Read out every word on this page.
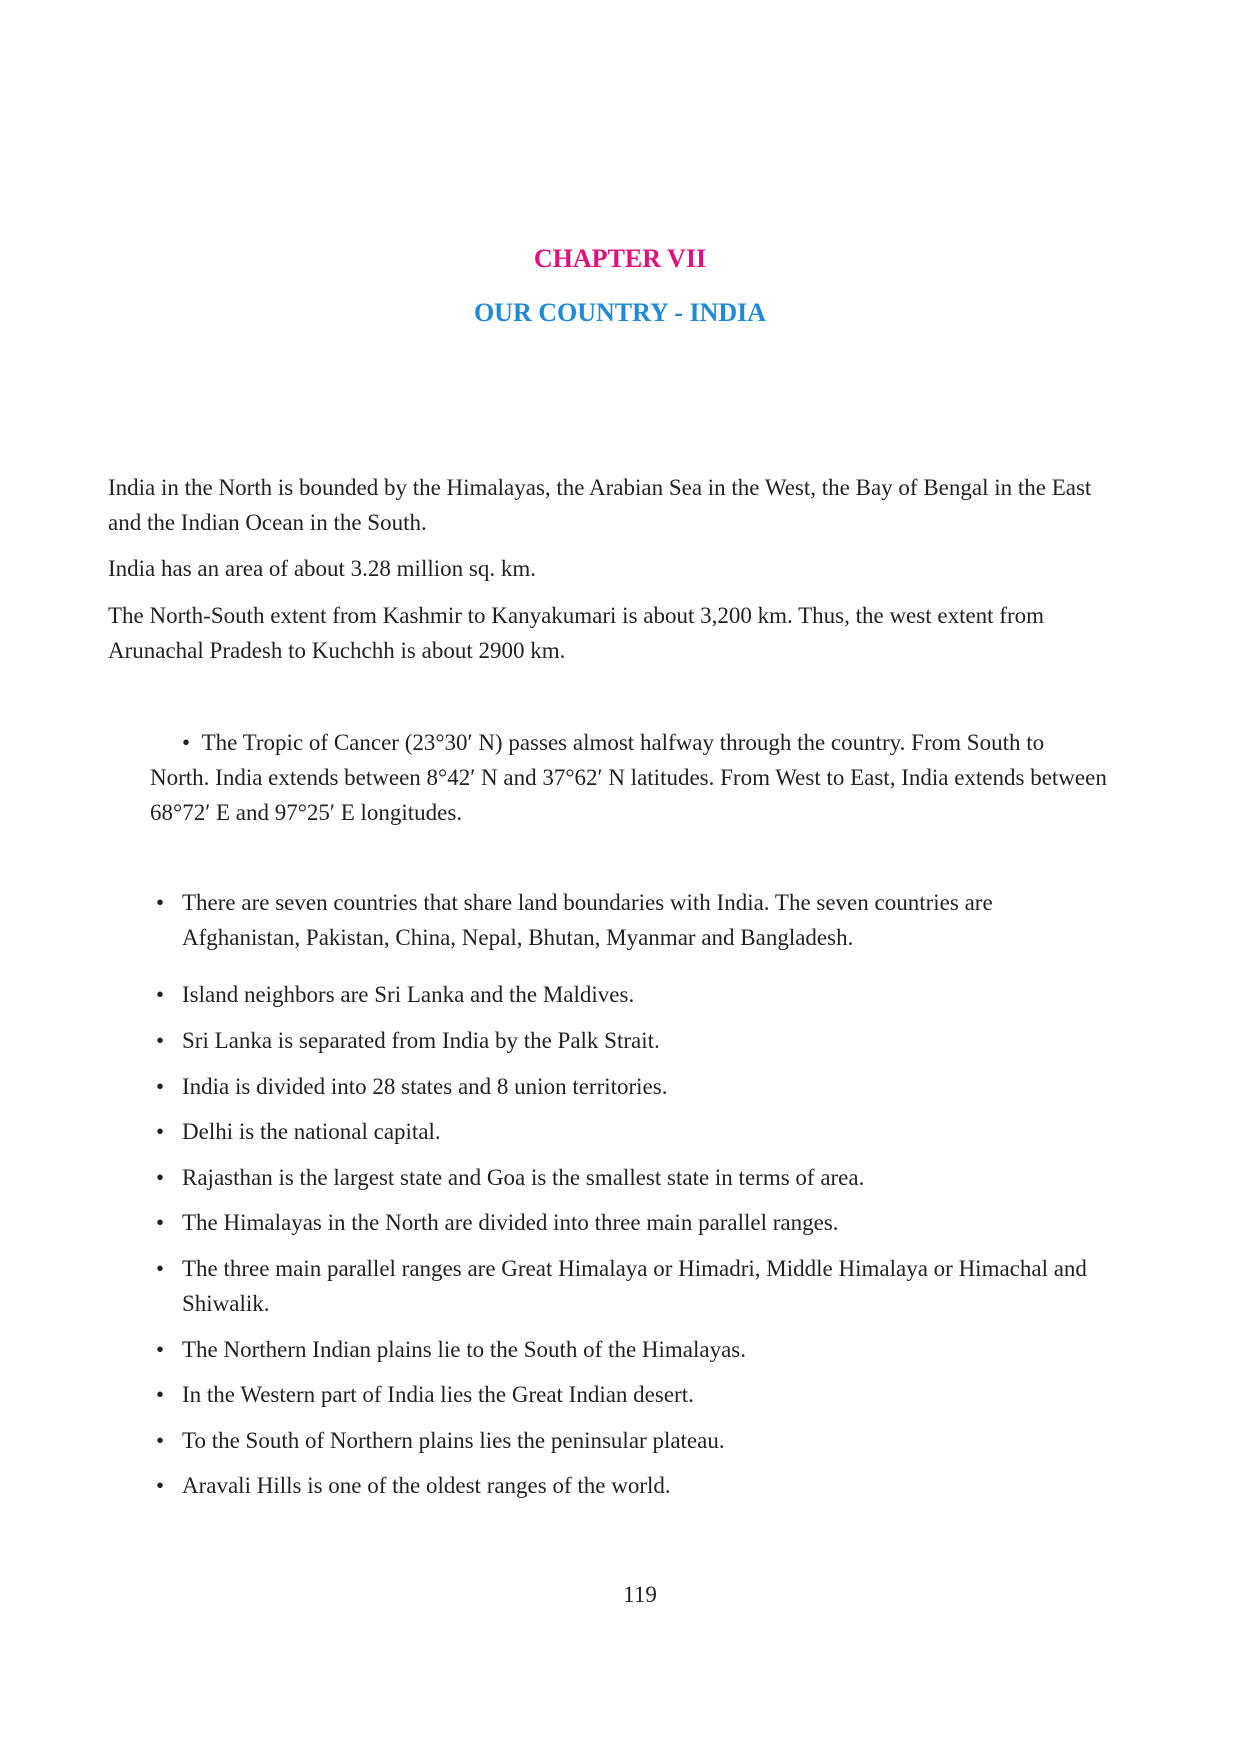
CHAPTER VII
OUR COUNTRY - INDIA

India in the North is bounded by the Himalayas, the Arabian Sea in the West, the Bay of Bengal in the East and the Indian Ocean in the South.

India has an area of about 3.28 million sq. km.

The North-South extent from Kashmir to Kanyakumari is about 3,200 km. Thus, the west extent from Arunachal Pradesh to Kuchchh is about 2900 km.

• The Tropic of Cancer (23°30ʹ N) passes almost halfway through the country. From South to North. India extends between 8°42ʹ N and 37°62ʹ N latitudes. From West to East, India extends between 68°72ʹ E and 97°25ʹ E longitudes.
• There are seven countries that share land boundaries with India. The seven countries are Afghanistan, Pakistan, China, Nepal, Bhutan, Myanmar and Bangladesh.
• Island neighbors are Sri Lanka and the Maldives.
• Sri Lanka is separated from India by the Palk Strait.
• India is divided into 28 states and 8 union territories.
• Delhi is the national capital.
• Rajasthan is the largest state and Goa is the smallest state in terms of area.
• The Himalayas in the North are divided into three main parallel ranges.
• The three main parallel ranges are Great Himalaya or Himadri, Middle Himalaya or Himachal and Shiwalik.
• The Northern Indian plains lie to the South of the Himalayas.
• In the Western part of India lies the Great Indian desert.
• To the South of Northern plains lies the peninsular plateau.
• Aravali Hills is one of the oldest ranges of the world.
119
